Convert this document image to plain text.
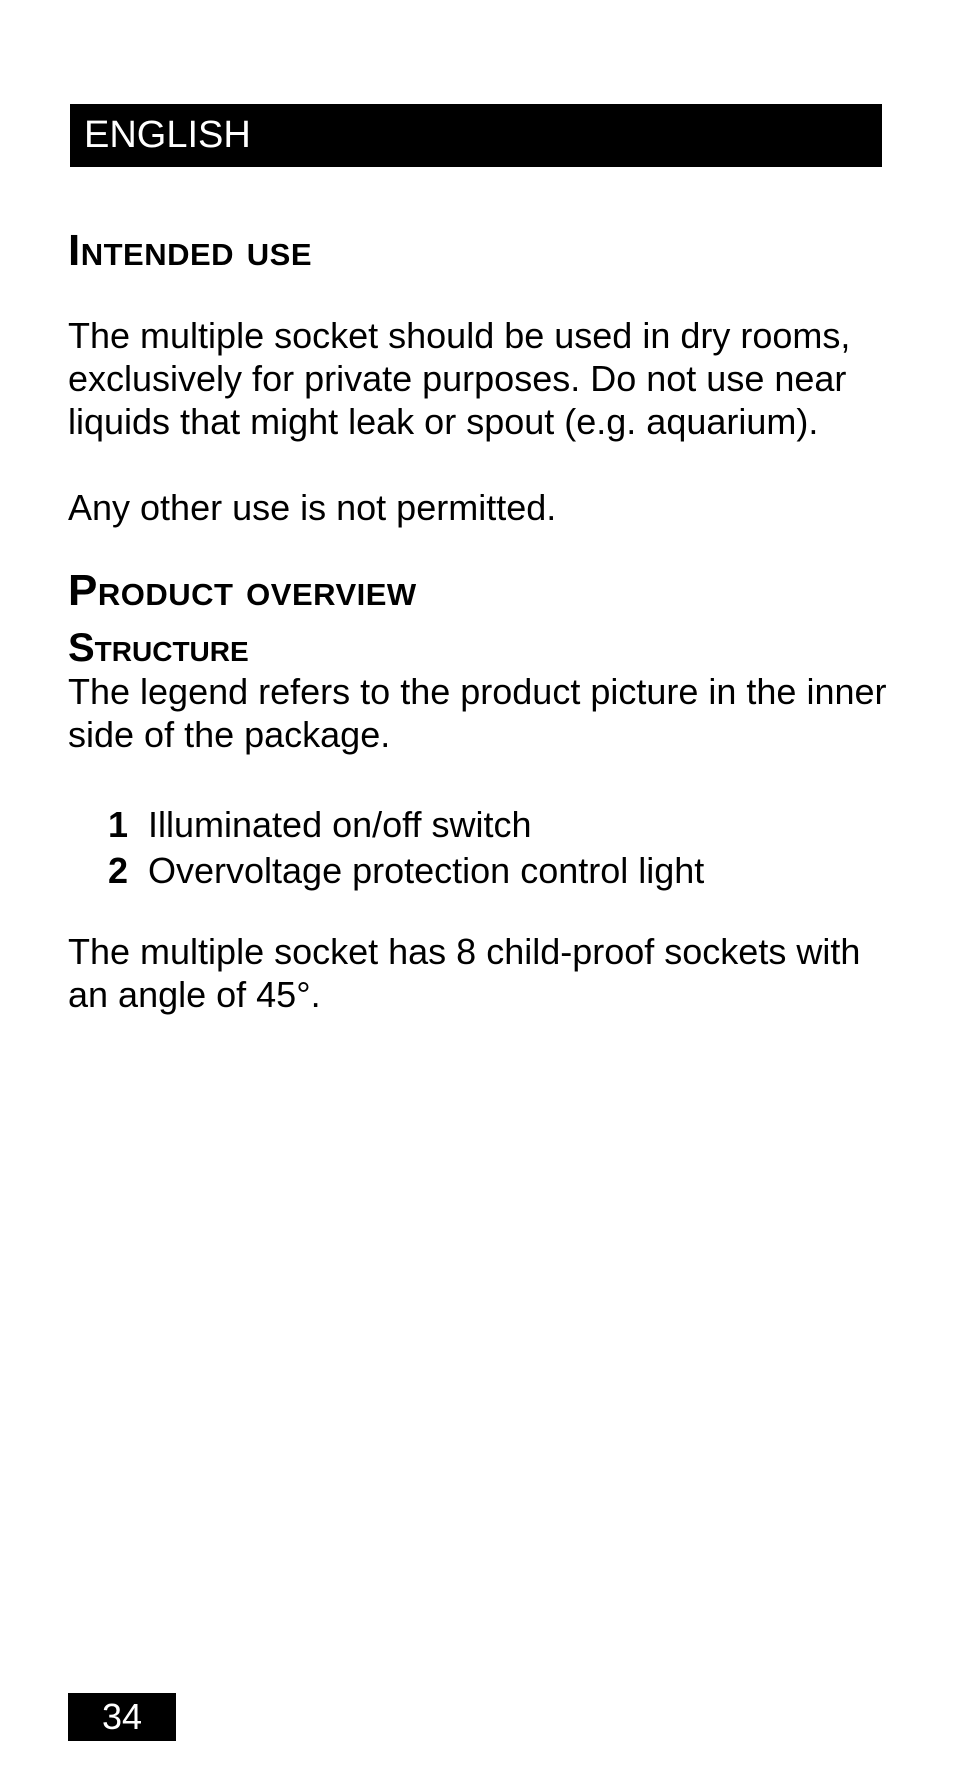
ENGLISH
Intended use

The multiple socket should be used in dry rooms, exclusively for private purposes. Do not use near liquids that might leak or spout (e.g. aquarium).

Any other use is not permitted.

Product overview
Structure

The legend refers to the product picture in the inner side of the package.

1 Illuminated on/off switch
2 Overvoltage protection control light

The multiple socket has 8 child-proof sockets with an angle of 45°.

34
